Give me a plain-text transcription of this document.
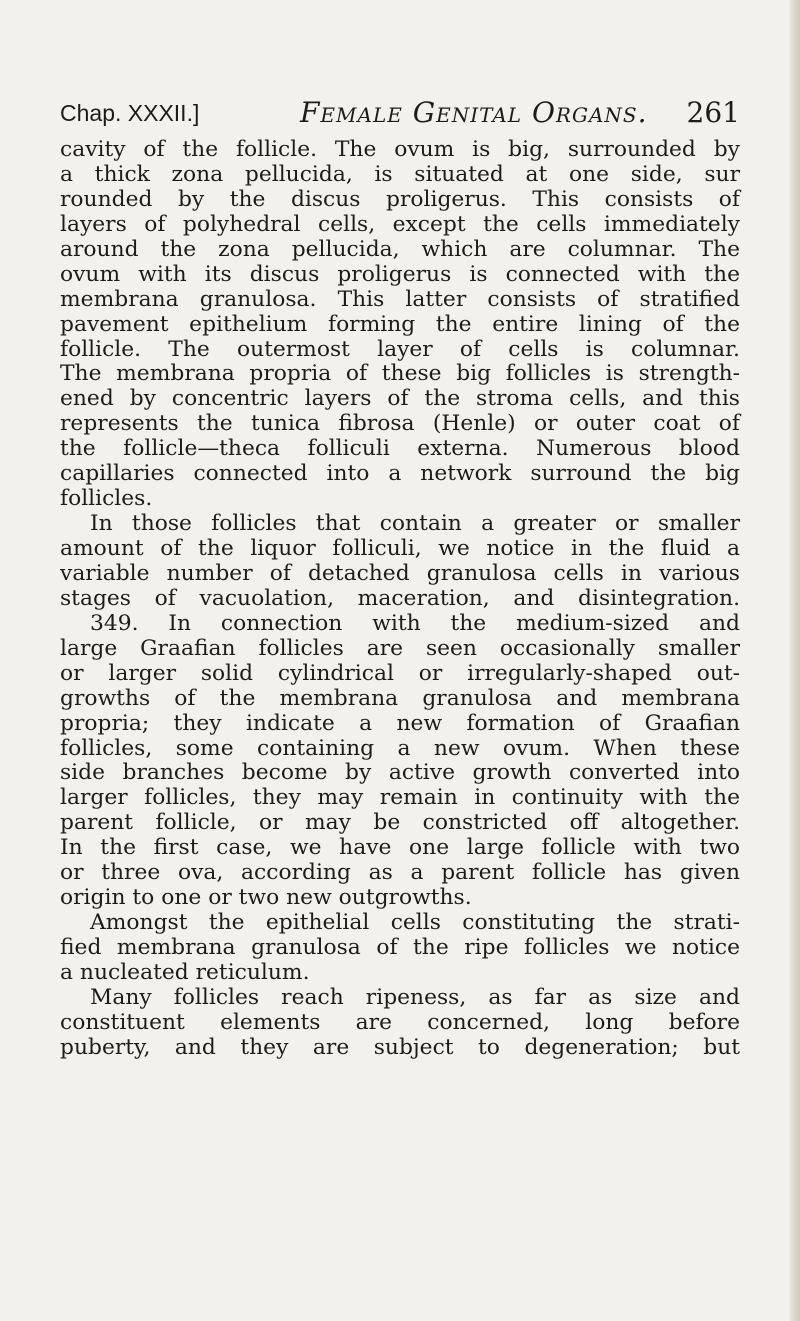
Chap. XXXII.]	Female Genital Organs. 261
cavity of the follicle. The ovum is big, surrounded by
a thick zona pellucida, is situated at one side, sur
rounded by the discus proligerus. This consists of
layers of polyhedral cells, except the cells immediately
around the zona pellucida, which are columnar. The
ovum with its discus proligerus is connected with the
membrana granulosa. This latter consists of stratified
pavement epithelium forming the entire lining of the
follicle. The outermost layer of cells is columnar.
The membrana propria of these big follicles is strength-
ened by concentric layers of the stroma cells, and this
represents the tunica fibrosa (Henle) or outer coat of
the follicle—theca folliculi externa. Numerous blood
capillaries connected into a network surround the big
follicles.
In those follicles that contain a greater or smaller
amount of the liquor folliculi, we notice in the fluid a
variable number of detached granulosa cells in various
stages of vacuolation, maceration, and disintegration.
349. In connection with the medium-sized and
large Graafian follicles are seen occasionally smaller
or larger solid cylindrical or irregularly-shaped out-
growths of the membrana granulosa and membrana
propria; they indicate a new formation of Graafian
follicles, some containing a new ovum. When these
side branches become by active growth converted into
larger follicles, they may remain in continuity with the
parent follicle, or may be constricted off altogether.
In the first case, we have one large follicle with two
or three ova, according as a parent follicle has given
origin to one or two new outgrowths.
Amongst the epithelial cells constituting the strati-
fied membrana granulosa of the ripe follicles we notice
a nucleated reticulum.
Many follicles reach ripeness, as far as size and
constituent elements are concerned, long before
puberty, and they are subject to degeneration; but
